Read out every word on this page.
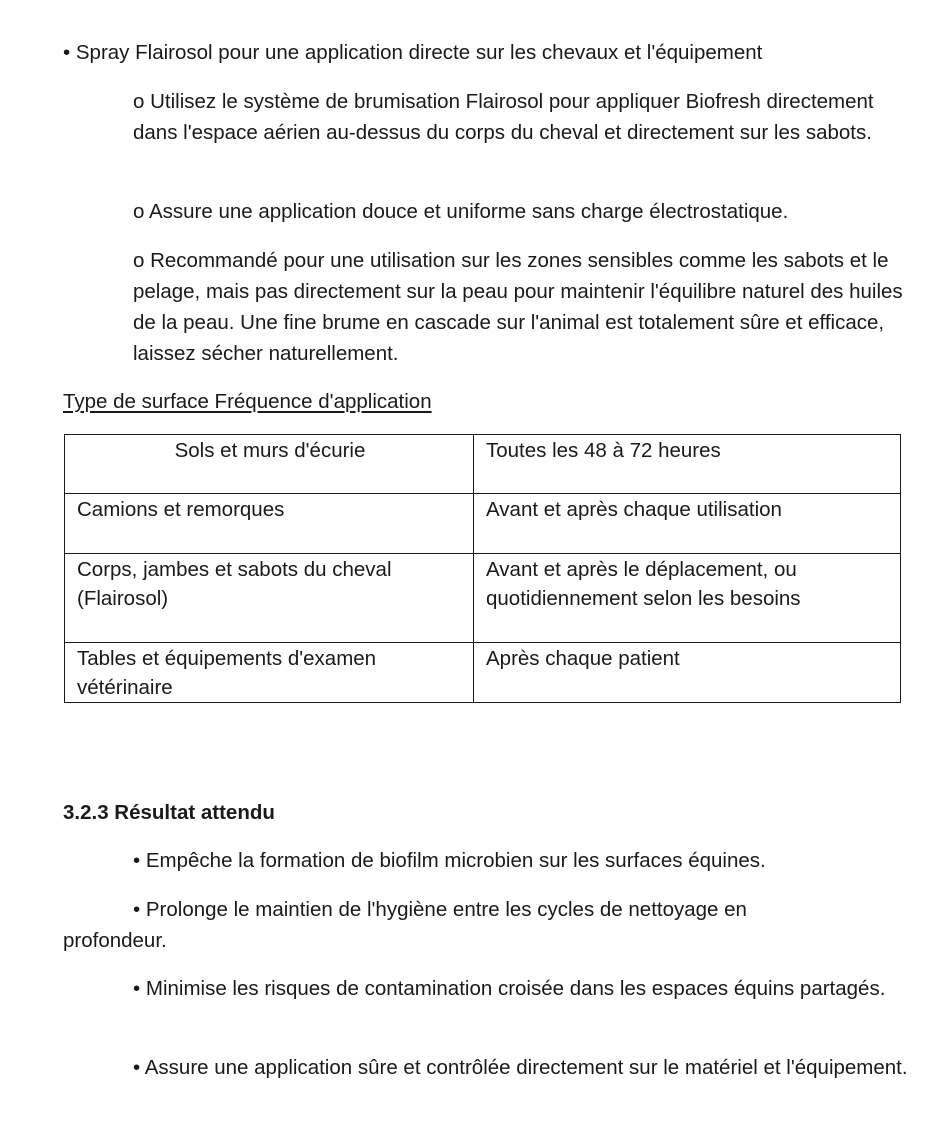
• Spray Flairosol pour une application directe sur les chevaux et l'équipement

o Utilisez le système de brumisation Flairosol pour appliquer Biofresh directement dans l'espace aérien au-dessus du corps du cheval et directement sur les sabots.

o Assure une application douce et uniforme sans charge électrostatique.

o Recommandé pour une utilisation sur les zones sensibles comme les sabots et le pelage, mais pas directement sur la peau pour maintenir l'équilibre naturel des huiles de la peau. Une fine brume en cascade sur l'animal est totalement sûre et efficace, laissez sécher naturellement.

Type de surface Fréquence d'application

Sols et murs d'écurie	Toutes les 48 à 72 heures
Camions et remorques	Avant et après chaque utilisation
Corps, jambes et sabots du cheval (Flairosol)	Avant et après le déplacement, ou quotidiennement selon les besoins
Tables et équipements d'examen vétérinaire	Après chaque patient

3.2.3 Résultat attendu

• Empêche la formation de biofilm microbien sur les surfaces équines.

• Prolonge le maintien de l'hygiène entre les cycles de nettoyage en

profondeur.

• Minimise les risques de contamination croisée dans les espaces équins partagés.

• Assure une application sûre et contrôlée directement sur le matériel et l'équipement.
